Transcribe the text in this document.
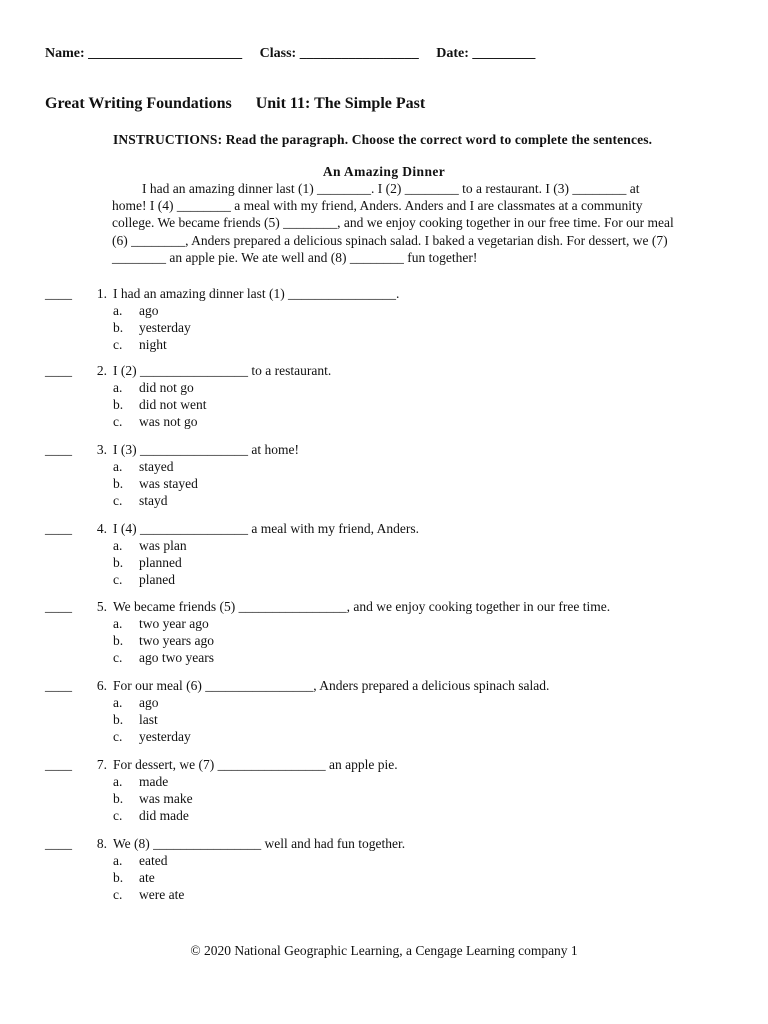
Name: ______________________ Class: _________________ Date: _________
Great Writing Foundations Unit 11: The Simple Past
INSTRUCTIONS: Read the paragraph. Choose the correct word to complete the sentences.
An Amazing Dinner
I had an amazing dinner last (1) ________. I (2) ________ to a restaurant. I (3) ________ at
home! I (4) ________ a meal with my friend, Anders. Anders and I are classmates at a community
college. We became friends (5) ________, and we enjoy cooking together in our free time. For our meal
(6) ________, Anders prepared a delicious spinach salad. I baked a vegetarian dish. For dessert, we (7)
________ an apple pie. We ate well and (8) ________ fun together!
____ 1. I had an amazing dinner last (1) ________________.
a. ago
b. yesterday
c. night
____ 2. I (2) ________________ to a restaurant.
a. did not go
b. did not went
c. was not go
____ 3. I (3) ________________ at home!
a. stayed
b. was stayed
c. stayd
____ 4. I (4) ________________ a meal with my friend, Anders.
a. was plan
b. planned
c. planed
____ 5. We became friends (5) ________________, and we enjoy cooking together in our free time.
a. two year ago
b. two years ago
c. ago two years
____ 6. For our meal (6) ________________, Anders prepared a delicious spinach salad.
a. ago
b. last
c. yesterday
____ 7. For dessert, we (7) ________________ an apple pie.
a. made
b. was make
c. did made
____ 8. We (8) ________________ well and had fun together.
a. eated
b. ate
c. were ate
© 2020 National Geographic Learning, a Cengage Learning company 1
